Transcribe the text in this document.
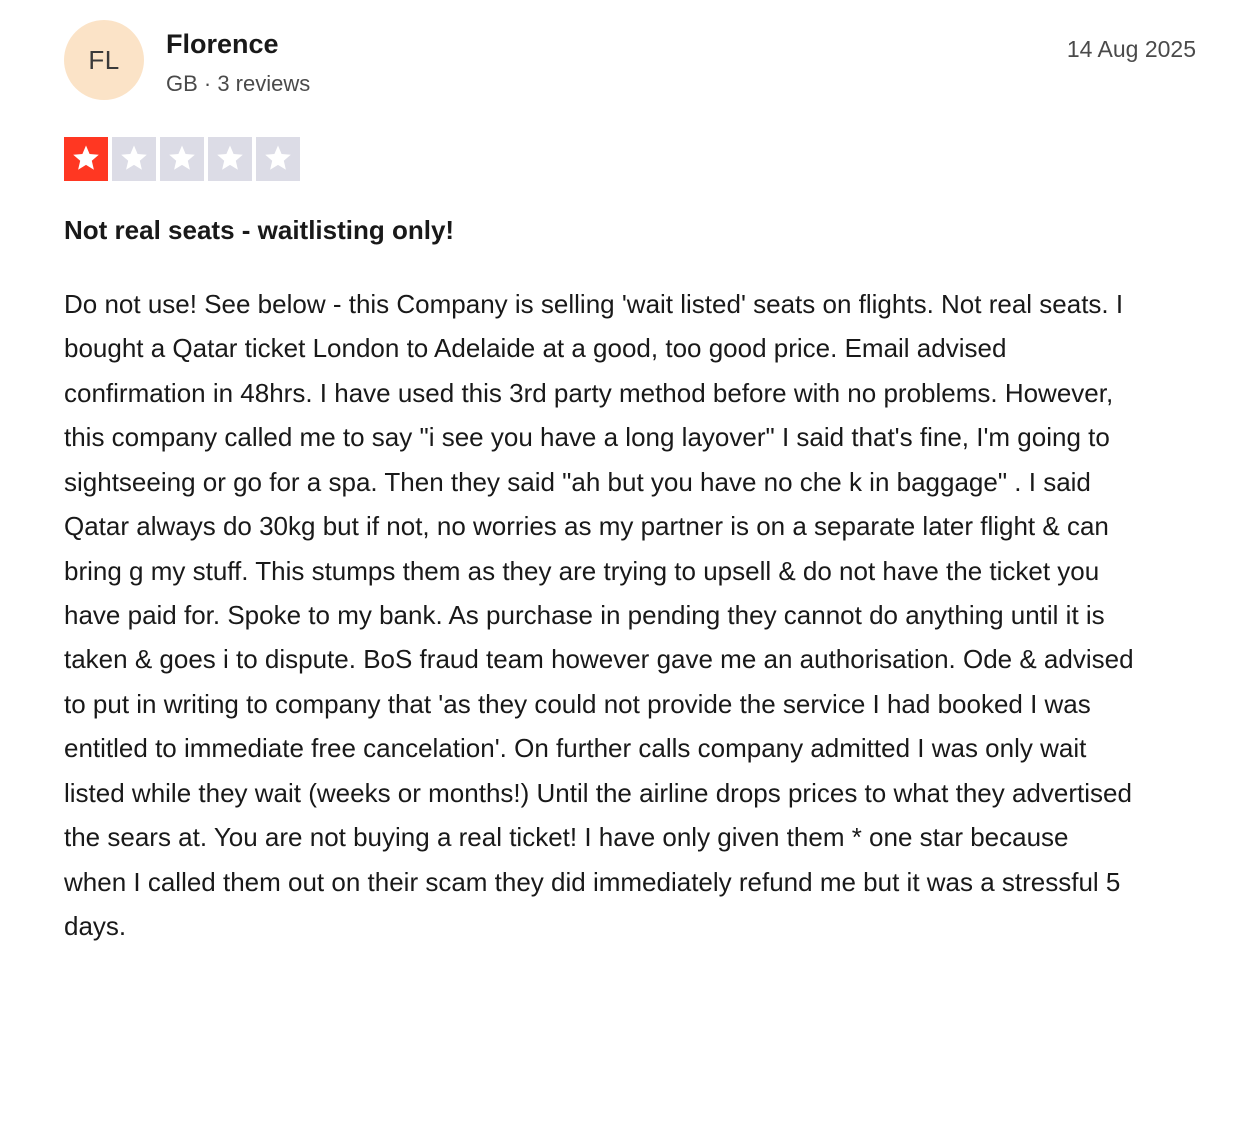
FL
Florence
GB · 3 reviews
14 Aug 2025
Not real seats - waitlisting only!
Do not use! See below - this Company is selling 'wait listed' seats on flights. Not real seats. I bought a Qatar ticket London to Adelaide at a good, too good price. Email advised confirmation in 48hrs. I have used this 3rd party method before with no problems. However, this company called me to say "i see you have a long layover" I said that's fine, I'm going to sightseeing or go for a spa. Then they said "ah but you have no che k in baggage" . I said Qatar always do 30kg but if not, no worries as my partner is on a separate later flight & can bring g my stuff. This stumps them as they are trying to upsell & do not have the ticket you have paid for. Spoke to my bank. As purchase in pending they cannot do anything until it is taken & goes i to dispute. BoS fraud team however gave me an authorisation. Ode & advised to put in writing to company that 'as they could not provide the service I had booked I was entitled to immediate free cancelation'. On further calls company admitted I was only wait listed while they wait (weeks or months!) Until the airline drops prices to what they advertised the sears at. You are not buying a real ticket! I have only given them * one star because when I called them out on their scam they did immediately refund me but it was a stressful 5 days.
